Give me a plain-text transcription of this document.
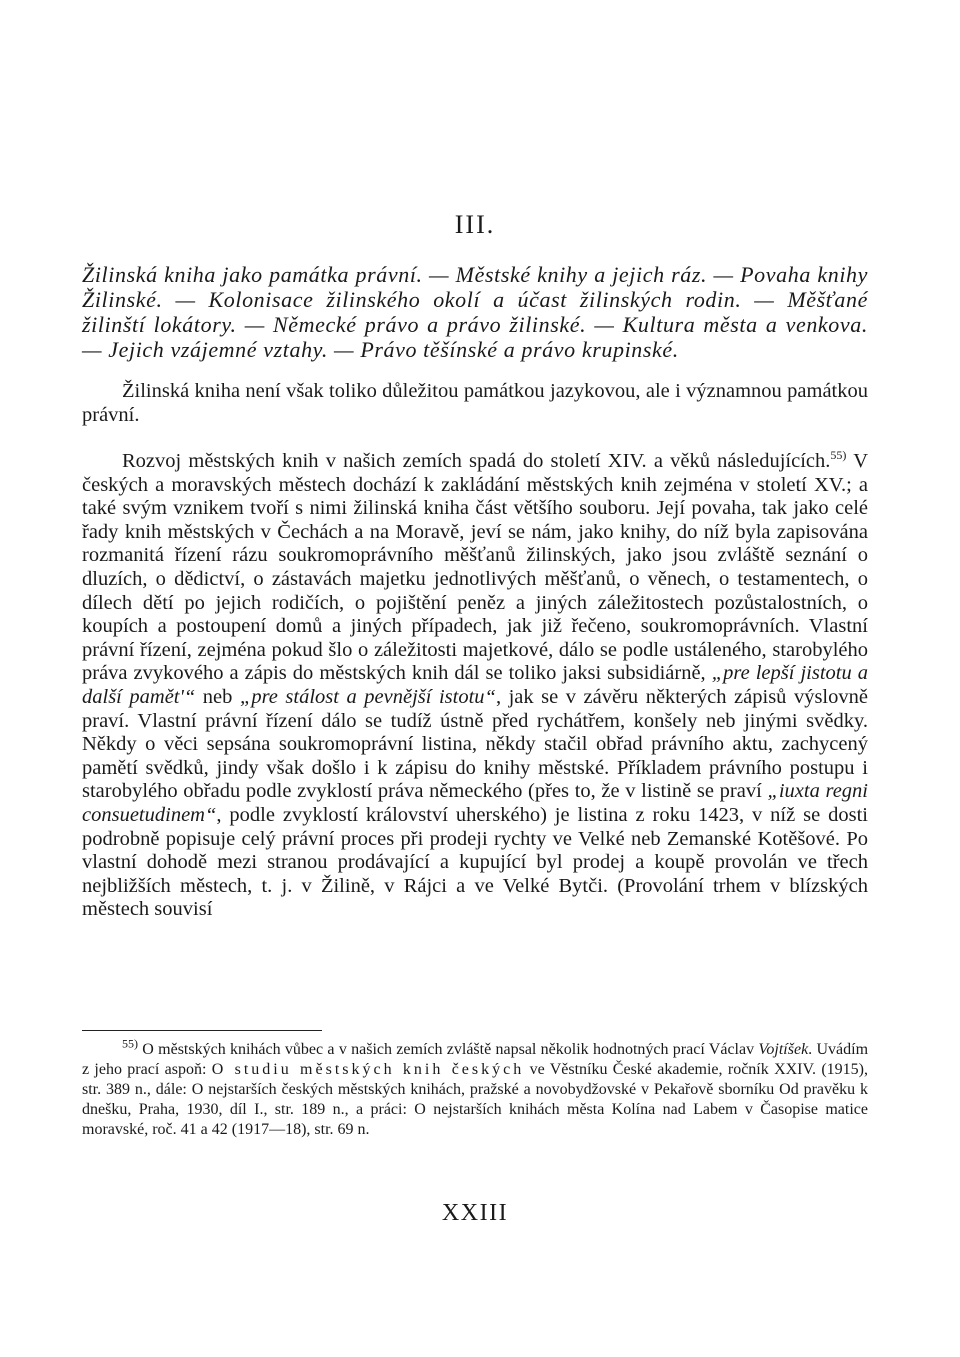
III.
Žilinská kniha jako památka právní. — Městské knihy a jejich ráz. — Povaha knihy Žilinské. — Kolonisace žilinského okolí a účast žilinských rodin. — Měšťané žilinští lokátory. — Německé právo a právo žilinské. — Kultura města a venkova. — Jejich vzájemné vztahy. — Právo těšínské a právo krupinské.

Žilinská kniha není však toliko důležitou památkou jazykovou, ale i významnou památkou právní.

Rozvoj městských knih v našich zemích spadá do století XIV. a věků následujících.$^{55)}$ V českých a moravských městech dochází k zakládání městských knih zejména v století XV.; a také svým vznikem tvoří s nimi žilinská kniha část většího souboru. Její povaha, tak jako celé řady knih městských v Čechách a na Moravě, jeví se nám, jako knihy, do níž byla zapisována rozmanitá řízení rázu soukromoprávního měšťanů žilinských, jako jsou zvláště seznání o dluzích, o dědictví, o zástavách majetku jednotlivých měšťanů, o věnech, o testamentech, o dílech dětí po jejich rodičích, o pojištění peněz a jiných záležitostech pozůstalostních, o koupích a postoupení domů a jiných případech, jak již řečeno, soukromoprávních. Vlastní právní řízení, zejména pokud šlo o záležitosti majetkové, dálo se podle ustáleného, starobylého práva zvykového a zápis do městských knih dál se toliko jaksi subsidiárně, „pre lepší jistotu a další pamět'“ neb „pre stálost a pevnější istotu“, jak se v závěru některých zápisů výslovně praví. Vlastní právní řízení dálo se tudíž ústně před rychátřem, konšely neb jinými svědky. Někdy o věci sepsána soukromoprávní listina, někdy stačil obřad právního aktu, zachycený pamětí svědků, jindy však došlo i k zápisu do knihy městské. Příkladem právního postupu i starobylého obřadu podle zvyklostí práva německého (přes to, že v listině se praví „iuxta regni consuetudinem“, podle zvyklostí království uherského) je listina z roku 1423, v níž se dosti podrobně popisuje celý právní proces při prodeji rychty ve Velké neb Zemanské Kotěšové. Po vlastní dohodě mezi stranou prodávající a kupující byl prodej a koupě provolán ve třech nejbližších městech, t. j. v Žilině, v Rájci a ve Velké Bytči. (Provolání trhem v blízských městech souvisí

$^{55)}$ O městských knihách vůbec a v našich zemích zvláště napsal několik hodnotných prací Václav Vojtíšek. Uvádím z jeho prací aspoň: O studiu městských knih českých ve Věstníku České akademie, ročník XXIV. (1915), str. 389 n., dále: O nejstarších českých městských knihách, pražské a novobydžovské v Pekařově sborníku Od pravěku k dnešku, Praha, 1930, díl I., str. 189 n., a práci: O nejstarších knihách města Kolína nad Labem v Časopise matice moravské, roč. 41 a 42 (1917—18), str. 69 n.
XXIII
